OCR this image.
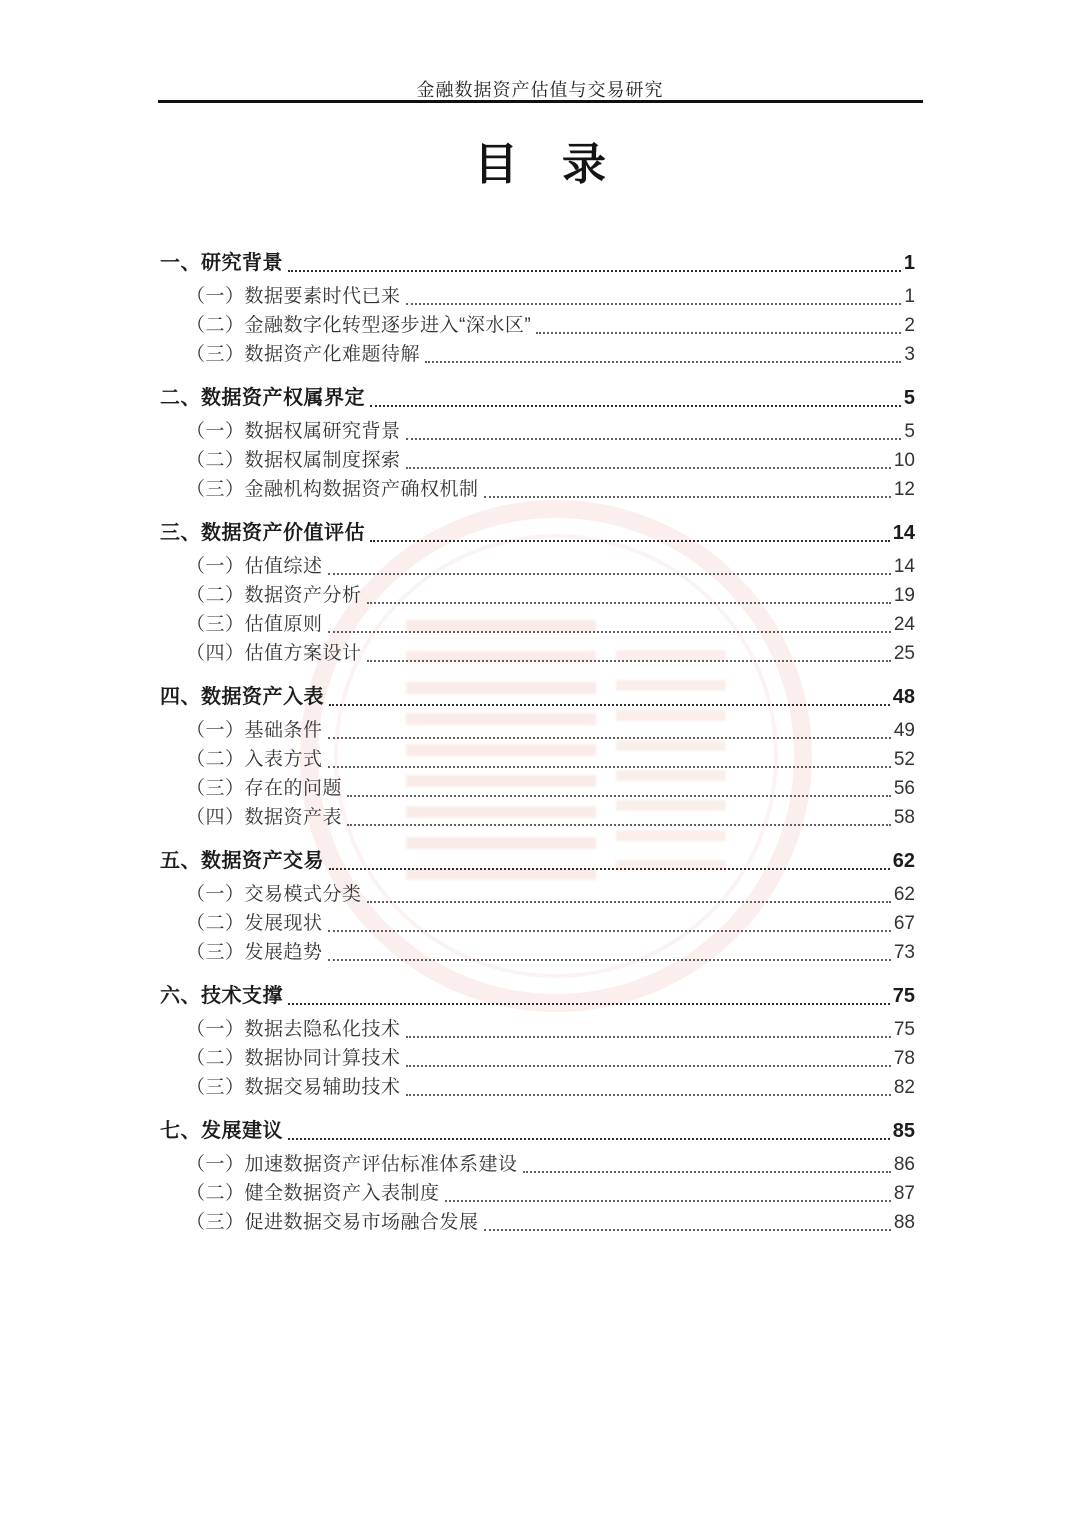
金融数据资产估值与交易研究
目　录
一、研究背景	1
（一）数据要素时代已来	1
（二）金融数字化转型逐步进入“深水区”	2
（三）数据资产化难题待解	3
二、数据资产权属界定	5
（一）数据权属研究背景	5
（二）数据权属制度探索	10
（三）金融机构数据资产确权机制	12
三、数据资产价值评估	14
（一）估值综述	14
（二）数据资产分析	19
（三）估值原则	24
（四）估值方案设计	25
四、数据资产入表	48
（一）基础条件	49
（二）入表方式	52
（三）存在的问题	56
（四）数据资产表	58
五、数据资产交易	62
（一）交易模式分类	62
（二）发展现状	67
（三）发展趋势	73
六、技术支撑	75
（一）数据去隐私化技术	75
（二）数据协同计算技术	78
（三）数据交易辅助技术	82
七、发展建议	85
（一）加速数据资产评估标准体系建设	86
（二）健全数据资产入表制度	87
（三）促进数据交易市场融合发展	88
